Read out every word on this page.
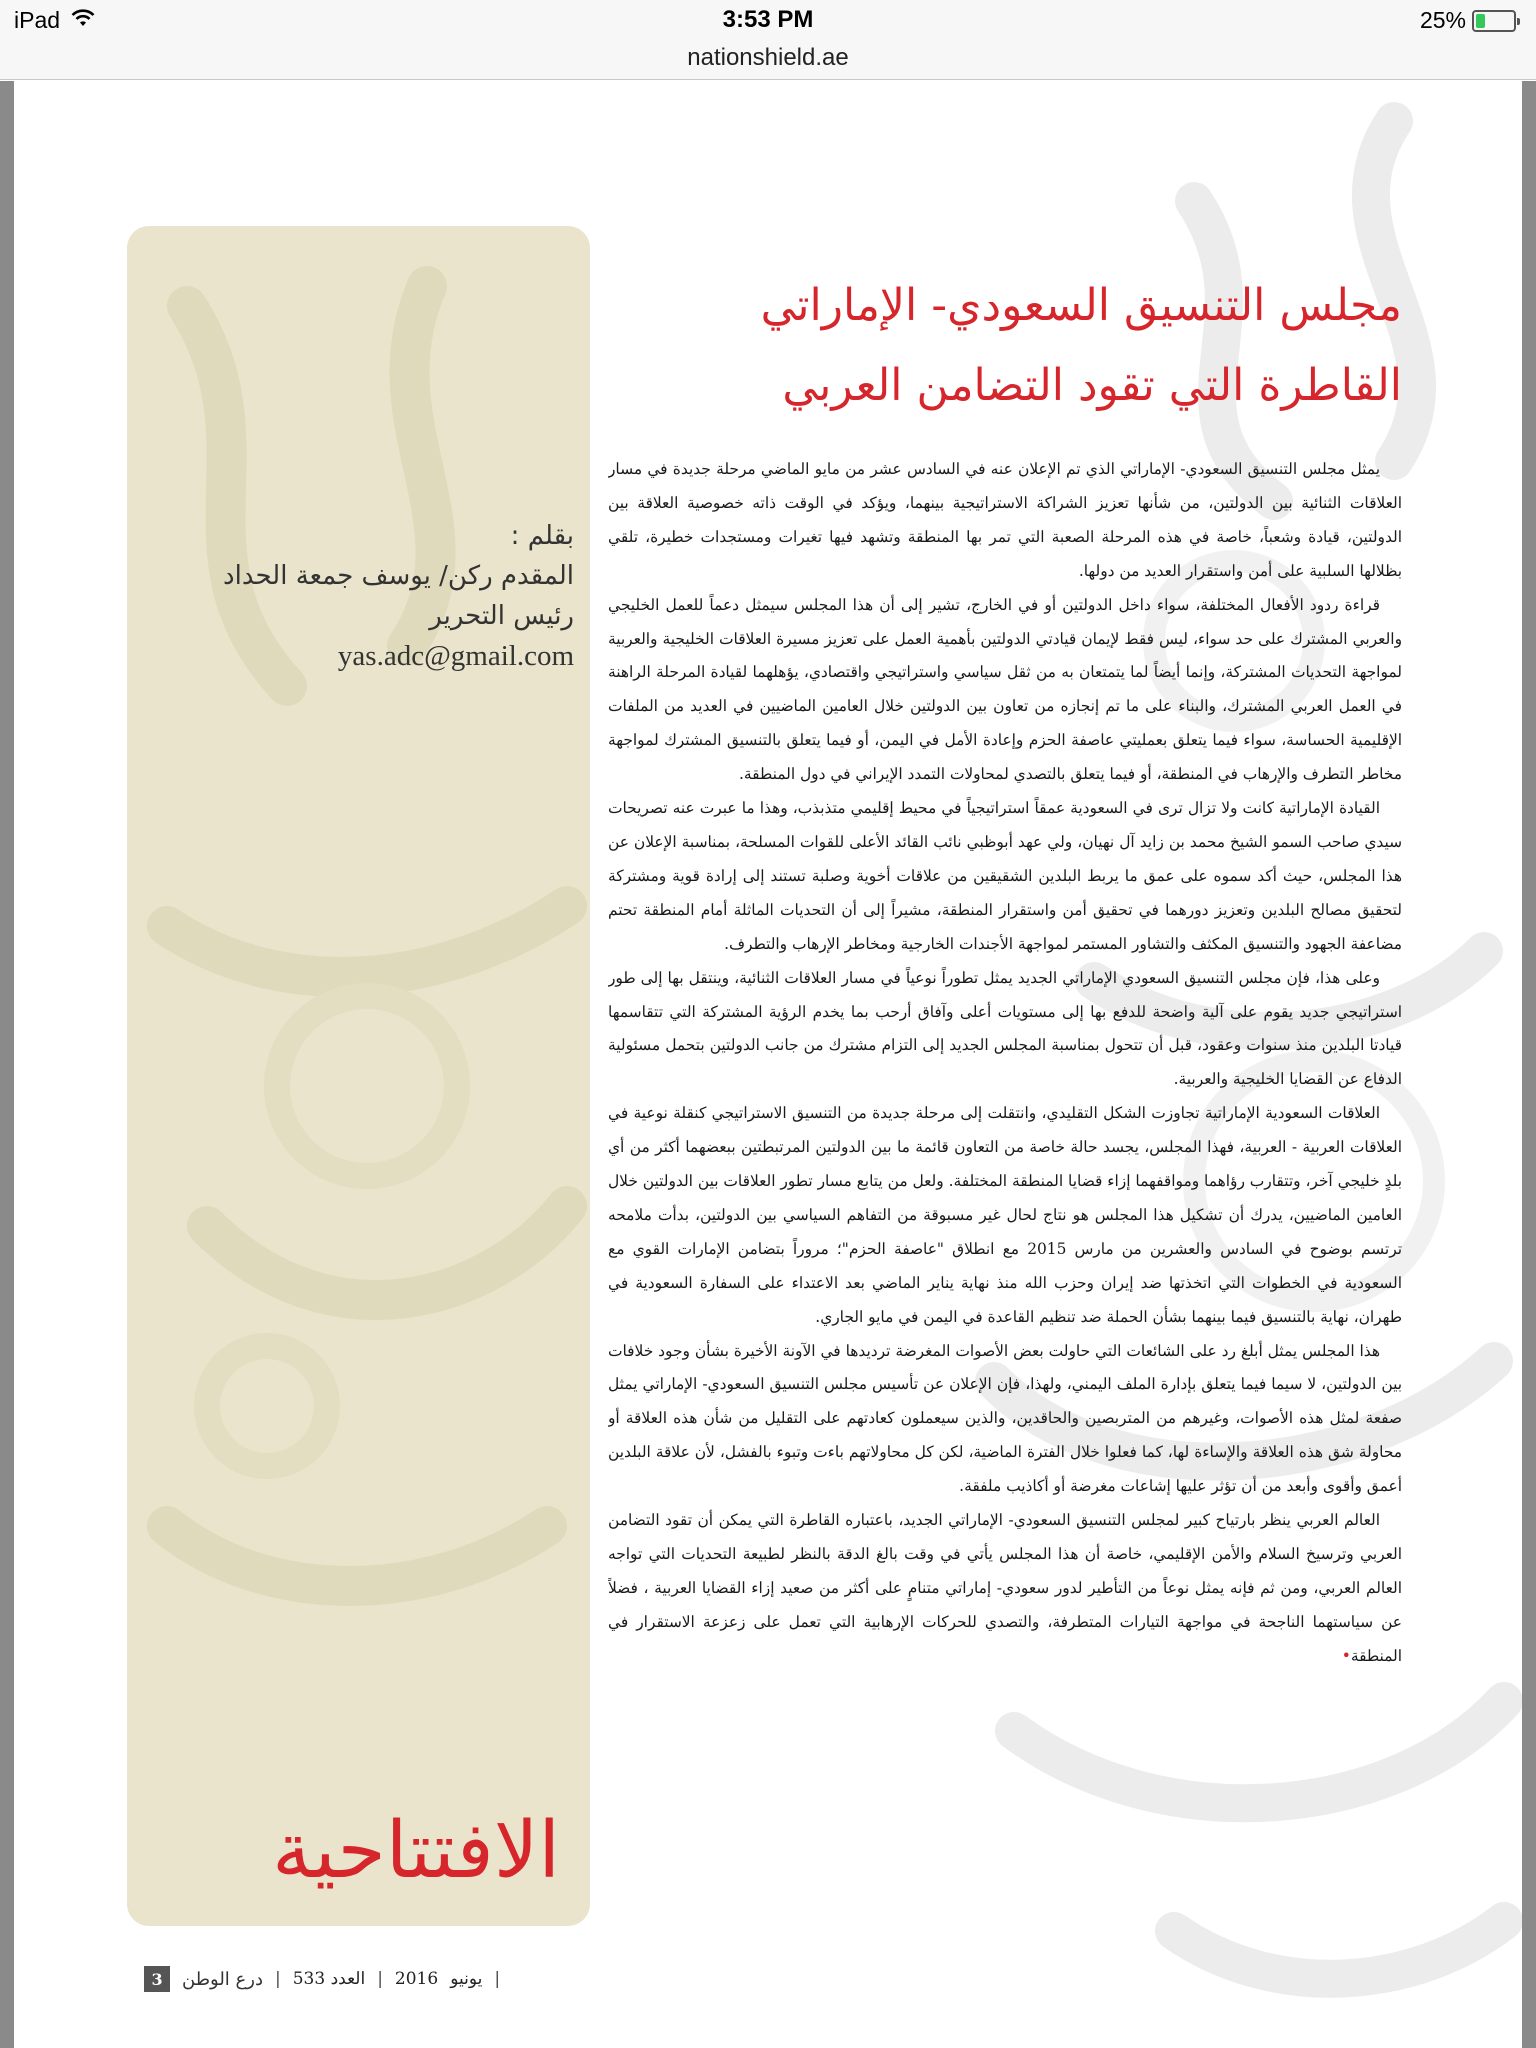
iPad	3:53 PM	25%
nationshield.ae
بقلم :
المقدم ركن/ يوسف جمعة الحداد
رئيس التحرير
yas.adc@gmail.com
الافتتاحية
مجلس التنسيق السعودي- الإماراتي
القاطرة التي تقود التضامن العربي

يمثل مجلس التنسيق السعودي- الإماراتي الذي تم الإعلان عنه في السادس عشر من مايو الماضي مرحلة جديدة في مسار العلاقات الثنائية بين الدولتين، من شأنها تعزيز الشراكة الاستراتيجية بينهما، ويؤكد في الوقت ذاته خصوصية العلاقة بين الدولتين، قيادة وشعباً، خاصة في هذه المرحلة الصعبة التي تمر بها المنطقة وتشهد فيها تغيرات ومستجدات خطيرة، تلقي بظلالها السلبية على أمن واستقرار العديد من دولها.

قراءة ردود الأفعال المختلفة، سواء داخل الدولتين أو في الخارج، تشير إلى أن هذا المجلس سيمثل دعماً للعمل الخليجي والعربي المشترك على حد سواء، ليس فقط لإيمان قيادتي الدولتين بأهمية العمل على تعزيز مسيرة العلاقات الخليجية والعربية لمواجهة التحديات المشتركة، وإنما أيضاً لما يتمتعان به من ثقل سياسي واستراتيجي واقتصادي، يؤهلهما لقيادة المرحلة الراهنة في العمل العربي المشترك، والبناء على ما تم إنجازه من تعاون بين الدولتين خلال العامين الماضيين في العديد من الملفات الإقليمية الحساسة، سواء فيما يتعلق بعمليتي عاصفة الحزم وإعادة الأمل في اليمن، أو فيما يتعلق بالتنسيق المشترك لمواجهة مخاطر التطرف والإرهاب في المنطقة، أو فيما يتعلق بالتصدي لمحاولات التمدد الإيراني في دول المنطقة.

القيادة الإماراتية كانت ولا تزال ترى في السعودية عمقاً استراتيجياً في محيط إقليمي متذبذب، وهذا ما عبرت عنه تصريحات سيدي صاحب السمو الشيخ محمد بن زايد آل نهيان، ولي عهد أبوظبي نائب القائد الأعلى للقوات المسلحة، بمناسبة الإعلان عن هذا المجلس، حيث أكد سموه على عمق ما يربط البلدين الشقيقين من علاقات أخوية وصلبة تستند إلى إرادة قوية ومشتركة لتحقيق مصالح البلدين وتعزيز دورهما في تحقيق أمن واستقرار المنطقة، مشيراً إلى أن التحديات الماثلة أمام المنطقة تحتم مضاعفة الجهود والتنسيق المكثف والتشاور المستمر لمواجهة الأجندات الخارجية ومخاطر الإرهاب والتطرف.

وعلى هذا، فإن مجلس التنسيق السعودي الإماراتي الجديد يمثل تطوراً نوعياً في مسار العلاقات الثنائية، وينتقل بها إلى طور استراتيجي جديد يقوم على آلية واضحة للدفع بها إلى مستويات أعلى وآفاق أرحب بما يخدم الرؤية المشتركة التي تتقاسمها قيادتا البلدين منذ سنوات وعقود، قبل أن تتحول بمناسبة المجلس الجديد إلى التزام مشترك من جانب الدولتين بتحمل مسئولية الدفاع عن القضايا الخليجية والعربية.

العلاقات السعودية الإماراتية تجاوزت الشكل التقليدي، وانتقلت إلى مرحلة جديدة من التنسيق الاستراتيجي كنقلة نوعية في العلاقات العربية - العربية، فهذا المجلس، يجسد حالة خاصة من التعاون قائمة ما بين الدولتين المرتبطتين ببعضهما أكثر من أي بلدٍ خليجي آخر، وتتقارب رؤاهما ومواقفهما إزاء قضايا المنطقة المختلفة. ولعل من يتابع مسار تطور العلاقات بين الدولتين خلال العامين الماضيين، يدرك أن تشكيل هذا المجلس هو نتاج لحال غير مسبوقة من التفاهم السياسي بين الدولتين، بدأت ملامحه ترتسم بوضوح في السادس والعشرين من مارس 2015 مع انطلاق "عاصفة الحزم"؛ مروراً بتضامن الإمارات القوي مع السعودية في الخطوات التي اتخذتها ضد إيران وحزب الله منذ نهاية يناير الماضي بعد الاعتداء على السفارة السعودية في طهران، نهاية بالتنسيق فيما بينهما بشأن الحملة ضد تنظيم القاعدة في اليمن في مايو الجاري.

هذا المجلس يمثل أبلغ رد على الشائعات التي حاولت بعض الأصوات المغرضة ترديدها في الآونة الأخيرة بشأن وجود خلافات بين الدولتين، لا سيما فيما يتعلق بإدارة الملف اليمني، ولهذا، فإن الإعلان عن تأسيس مجلس التنسيق السعودي- الإماراتي يمثل صفعة لمثل هذه الأصوات، وغيرهم من المتربصين والحاقدين، والذين سيعملون كعادتهم على التقليل من شأن هذه العلاقة أو محاولة شق هذه العلاقة والإساءة لها، كما فعلوا خلال الفترة الماضية، لكن كل محاولاتهم باءت وتبوء بالفشل، لأن علاقة البلدين أعمق وأقوى وأبعد من أن تؤثر عليها إشاعات مغرضة أو أكاذيب ملفقة.

العالم العربي ينظر بارتياح كبير لمجلس التنسيق السعودي- الإماراتي الجديد، باعتباره القاطرة التي يمكن أن تقود التضامن العربي وترسيخ السلام والأمن الإقليمي، خاصة أن هذا المجلس يأتي في وقت بالغ الدقة بالنظر لطبيعة التحديات التي تواجه العالم العربي، ومن ثم فإنه يمثل نوعاً من التأطير لدور سعودي- إماراتي متنامٍ على أكثر من صعيد إزاء القضايا العربية ، فضلاً عن سياستهما الناجحة في مواجهة التيارات المتطرفة، والتصدي للحركات الإرهابية التي تعمل على زعزعة الاستقرار في المنطقة•

|
يونيو
2016
|
العدد 533
|
درع الوطن
3
